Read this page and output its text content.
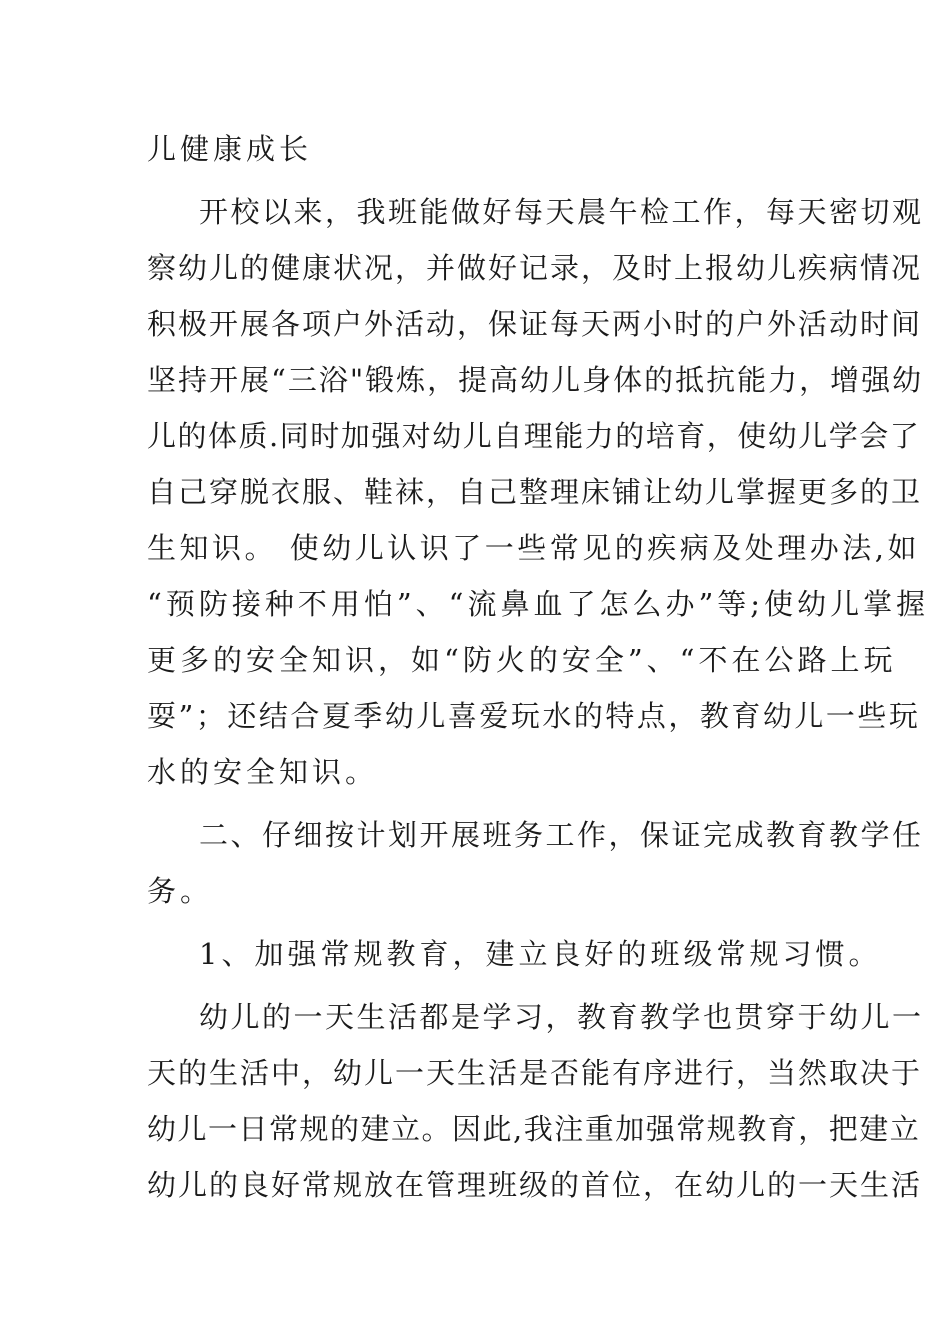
儿健康成长
开校以来，我班能做好每天晨午检工作，每天密切观
察幼儿的健康状况，并做好记录，及时上报幼儿疾病情况
积极开展各项户外活动，保证每天两小时的户外活动时间
坚持开展“三浴"锻炼，提高幼儿身体的抵抗能力，增强幼
儿的体质.同时加强对幼儿自理能力的培育，使幼儿学会了
自己穿脱衣服、鞋袜，自己整理床铺让幼儿掌握更多的卫
生知识。 使幼儿认识了一些常见的疾病及处理办法,如
“预防接种不用怕”、“流鼻血了怎么办”等;使幼儿掌握
更多的安全知识，如“防火的安全”、“不在公路上玩
耍”；还结合夏季幼儿喜爱玩水的特点，教育幼儿一些玩
水的安全知识。
二、仔细按计划开展班务工作，保证完成教育教学任
务。
1、加强常规教育，建立良好的班级常规习惯。
幼儿的一天生活都是学习，教育教学也贯穿于幼儿一
天的生活中，幼儿一天生活是否能有序进行，当然取决于
幼儿一日常规的建立。因此,我注重加强常规教育，把建立
幼儿的良好常规放在管理班级的首位，在幼儿的一天生活
